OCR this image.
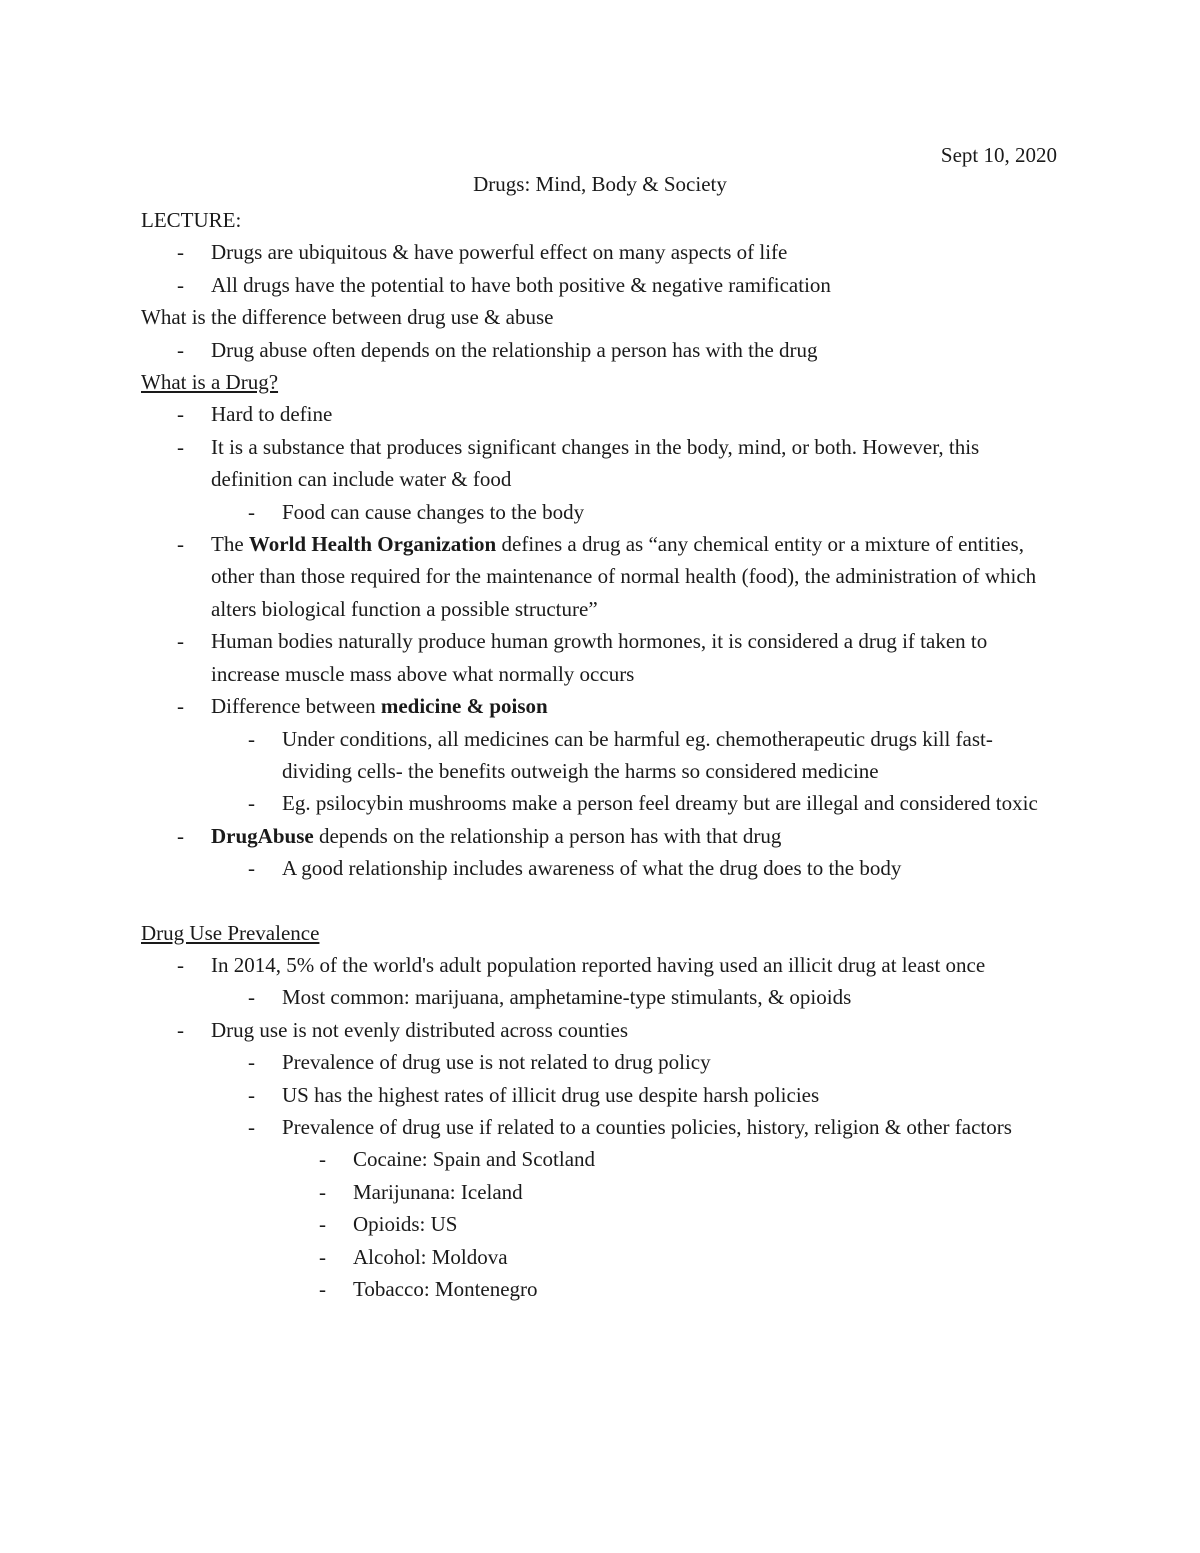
Sept 10, 2020
Drugs: Mind, Body & Society
LECTURE:
- Drugs are ubiquitous & have powerful effect on many aspects of life
- All drugs have the potential to have both positive & negative ramification
What is the difference between drug use & abuse
- Drug abuse often depends on the relationship a person has with the drug
What is a Drug?
- Hard to define
- It is a substance that produces significant changes in the body, mind, or both. However, this definition can include water & food
- Food can cause changes to the body
- The World Health Organization defines a drug as “any chemical entity or a mixture of entities, other than those required for the maintenance of normal health (food), the administration of which alters biological function a possible structure”
- Human bodies naturally produce human growth hormones, it is considered a drug if taken to increase muscle mass above what normally occurs
- Difference between medicine & poison
- Under conditions, all medicines can be harmful eg. chemotherapeutic drugs kill fast-dividing cells- the benefits outweigh the harms so considered medicine
- Eg. psilocybin mushrooms make a person feel dreamy but are illegal and considered toxic
- DrugAbuse depends on the relationship a person has with that drug
- A good relationship includes awareness of what the drug does to the body
Drug Use Prevalence
- In 2014, 5% of the world's adult population reported having used an illicit drug at least once
- Most common: marijuana, amphetamine-type stimulants, & opioids
- Drug use is not evenly distributed across counties
- Prevalence of drug use is not related to drug policy
- US has the highest rates of illicit drug use despite harsh policies
- Prevalence of drug use if related to a counties policies, history, religion & other factors
- Cocaine: Spain and Scotland
- Marijunana: Iceland
- Opioids: US
- Alcohol: Moldova
- Tobacco: Montenegro
